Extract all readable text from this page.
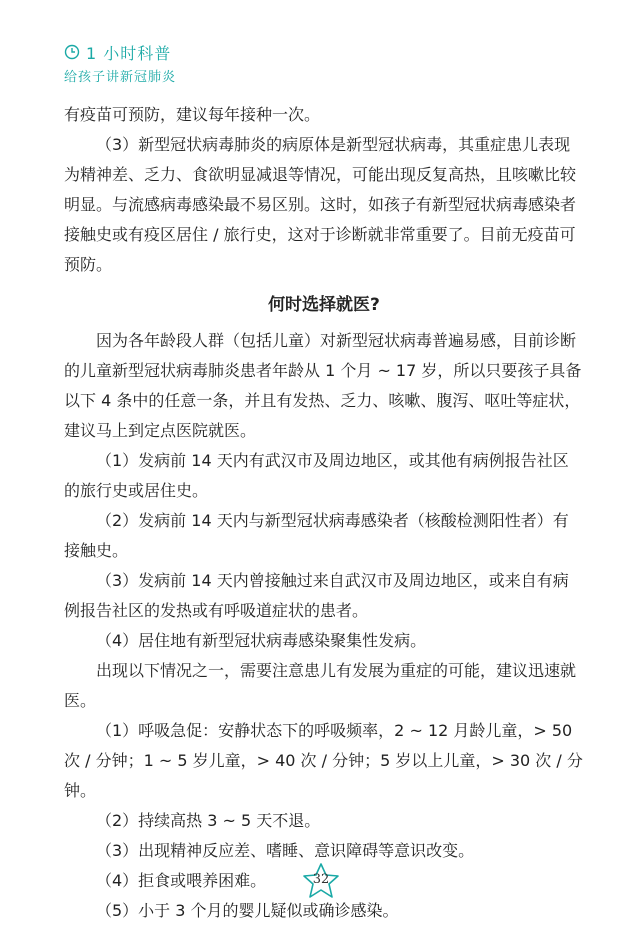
1 小时科普
给孩子讲新冠肺炎

有疫苗可预防，建议每年接种一次。

（3）新型冠状病毒肺炎的病原体是新型冠状病毒，其重症患儿表现为精神差、乏力、食欲明显减退等情况，可能出现反复高热，且咳嗽比较明显。与流感病毒感染最不易区别。这时，如孩子有新型冠状病毒感染者接触史或有疫区居住 / 旅行史，这对于诊断就非常重要了。目前无疫苗可预防。

何时选择就医?

因为各年龄段人群（包括儿童）对新型冠状病毒普遍易感，目前诊断的儿童新型冠状病毒肺炎患者年龄从 1 个月 ~ 17 岁，所以只要孩子具备以下 4 条中的任意一条，并且有发热、乏力、咳嗽、腹泻、呕吐等症状，建议马上到定点医院就医。

（1）发病前 14 天内有武汉市及周边地区，或其他有病例报告社区的旅行史或居住史。

（2）发病前 14 天内与新型冠状病毒感染者（核酸检测阳性者）有接触史。

（3）发病前 14 天内曾接触过来自武汉市及周边地区，或来自有病例报告社区的发热或有呼吸道症状的患者。

（4）居住地有新型冠状病毒感染聚集性发病。

出现以下情况之一，需要注意患儿有发展为重症的可能，建议迅速就医。

（1）呼吸急促：安静状态下的呼吸频率，2 ~ 12 月龄儿童，> 50 次 / 分钟；1 ~ 5 岁儿童，> 40 次 / 分钟；5 岁以上儿童，> 30 次 / 分钟。

（2）持续高热 3 ~ 5 天不退。

（3）出现精神反应差、嗜睡、意识障碍等意识改变。

（4）拒食或喂养困难。

（5）小于 3 个月的婴儿疑似或确诊感染。

32
